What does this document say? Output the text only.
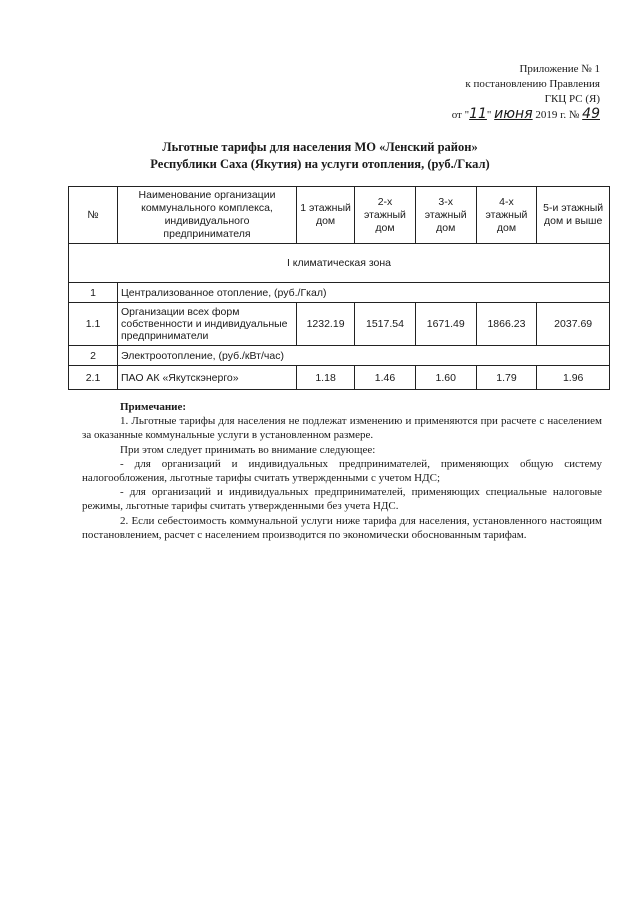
Приложение № 1
к постановлению Правления
ГКЦ РС (Я)
от "11" июня 2019 г. № 49
Льготные тарифы для населения МО «Ленский район»
Республики Саха (Якутия) на услуги отопления, (руб./Гкал)
№	Наименование организации коммунального комплекса, индивидуального предпринимателя	1 этажный дом	2-х этажный дом	3-х этажный дом	4-х этажный дом	5-и этажный дом и выше
I климатическая зона						
1	Централизованное отопление, (руб./Гкал)					
1.1	Организации всех форм собственности и индивидуальные предприниматели	1232.19	1517.54	1671.49	1866.23	2037.69
2	Электроотопление, (руб./кВт/час)					
2.1	ПАО АК «Якутскэнерго»	1.18	1.46	1.60	1.79	1.96

Примечание:

1. Льготные тарифы для населения не подлежат изменению и применяются при расчете с населением за оказанные коммунальные услуги в установленном размере.

При этом следует принимать во внимание следующее:

- для организаций и индивидуальных предпринимателей, применяющих общую систему налогообложения, льготные тарифы считать утвержденными с учетом НДС;

- для организаций и индивидуальных предпринимателей, применяющих специальные налоговые режимы, льготные тарифы считать утвержденными без учета НДС.

2. Если себестоимость коммунальной услуги ниже тарифа для населения, установленного настоящим постановлением, расчет с населением производится по экономически обоснованным тарифам.
